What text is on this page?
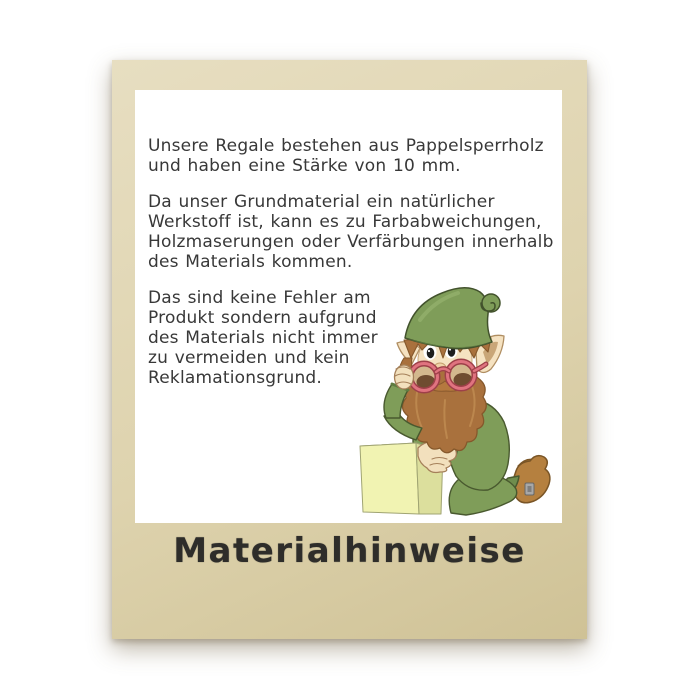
Unsere Regale bestehen aus Pappelsperrholz
und haben eine Stärke von 10 mm.
Da unser Grundmaterial ein natürlicher
Werkstoff ist, kann es zu Farbabweichungen,
Holzmaserungen oder Verfärbungen innerhalb
des Materials kommen.
Das sind keine Fehler am
Produkt sondern aufgrund
des Materials nicht immer
zu vermeiden und kein
Reklamationsgrund.
Materialhinweise
